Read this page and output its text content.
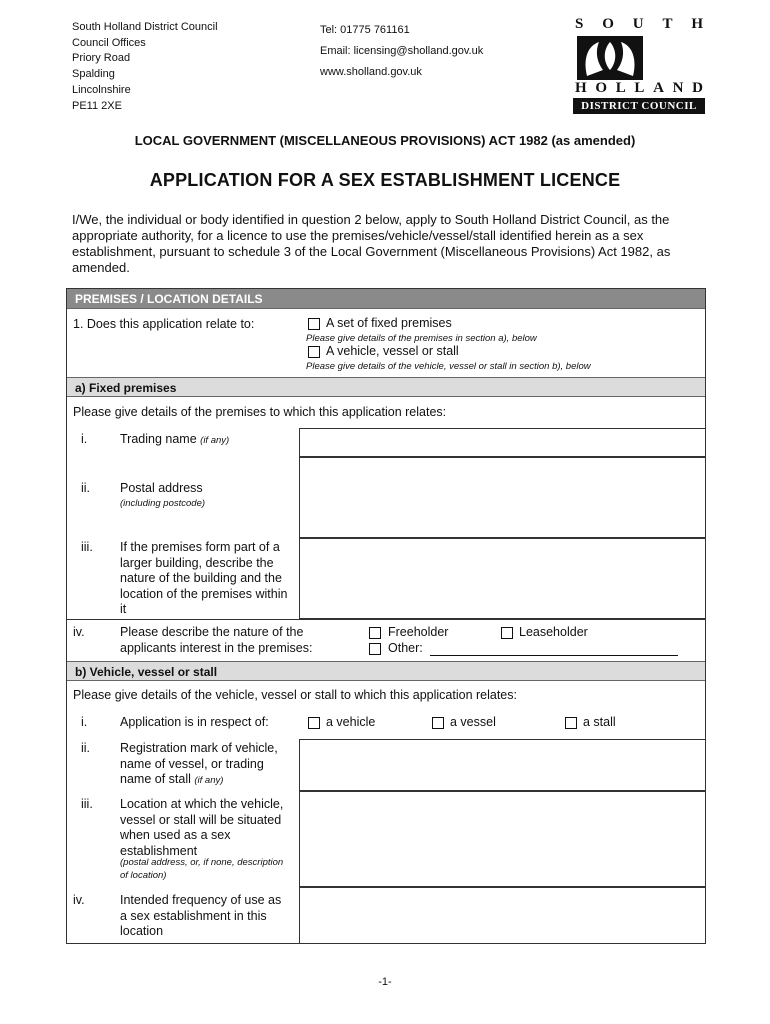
South Holland District Council
Council Offices
Priory Road
Spalding
Lincolnshire
PE11 2XE
Tel: 01775 761161
Email: licensing@sholland.gov.uk
www.sholland.gov.uk
S O U T H
H O L L A N D
DISTRICT COUNCIL
LOCAL GOVERNMENT (MISCELLANEOUS PROVISIONS) ACT 1982 (as amended)
APPLICATION FOR A SEX ESTABLISHMENT LICENCE
I/We, the individual or body identified in question 2 below, apply to South Holland District Council, as the appropriate authority, for a licence to use the premises/vehicle/vessel/stall identified herein as a sex establishment, pursuant to schedule 3 of the Local Government (Miscellaneous Provisions) Act 1982, as amended.
PREMISES / LOCATION DETAILS
1. Does this application relate to:	A set of fixed premises
Please give details of the premises in section a), below
A vehicle, vessel or stall
Please give details of the vehicle, vessel or stall in section b), below
a) Fixed premises
Please give details of the premises to which this application relates:
i.	Trading name (if any)
ii. Postal address
(including postcode)
iii. If the premises form part of a larger building, describe the nature of the building and the location of the premises within it
iv.	Please describe the nature of the applicants interest in the premises:
Freeholder	Leaseholder
Other:
b) Vehicle, vessel or stall
Please give details of the vehicle, vessel or stall to which this application relates:
i.	Application is in respect of:	a vehicle	a vessel	a stall
ii. Registration mark of vehicle, name of vessel, or trading name of stall (if any)
iii. Location at which the vehicle, vessel or stall will be situated when used as a sex establishment
(postal address, or, if none, description of location)
iv.	Intended frequency of use as a sex establishment in this location
-1-
